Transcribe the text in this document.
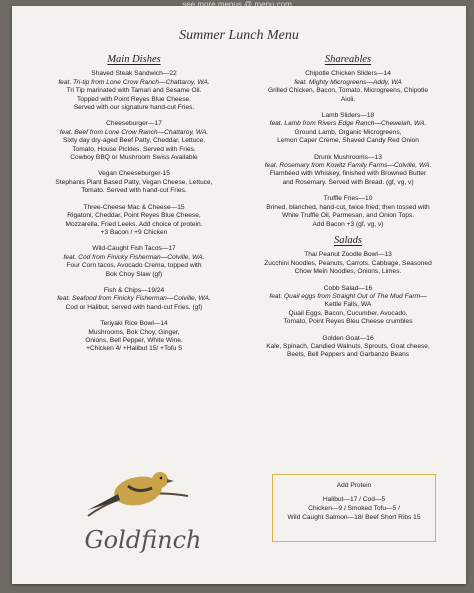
see more menus @ menu.com
Summer Lunch Menu
Main Dishes
Shaved Steak Sandwich—22
feat. Tri-tip from Lone Crow Ranch—Chattaroy, WA.
Tri Tip marinated with Tamari and Sesame Oil.
Topped with Point Reyes Blue Cheese.
Served with our signature hand-cut Fries.
Cheeseburger—17
feat. Beef from Lone Crow Ranch—Chattaroy, WA.
Sixty day dry-aged Beef Patty, Cheddar, Lettuce,
Tomato, House Pickles. Served with Fries.
Cowboy BBQ or Mushroom Swiss Available
Vegan Cheeseburger-15
Stephanis Plant Based Patty, Vegan Cheese, Lettuce,
Tomato. Served with hand-cut Fries.
Three-Cheese Mac & Cheese—15
Rigatoni, Cheddar, Point Reyes Blue Cheese,
Mozzarella, Fried Leeks. Add choice of protein.
+3 Bacon / +9 Chicken
Wild-Caught Fish Tacos—17
feat. Cod from Finicky Fisherman—Colville, WA.
Four Corn tacos, Avocado Crema, topped with
Bok Choy Slaw (gf)
Fish & Chips—19/24
feat. Seafood from Finicky Fisherman—Colville, WA.
Cod or Halibut, served with hand-cut Fries. (gf)
Teriyaki Rice Bowl—14
Mushrooms, Bok Choy, Ginger,
Onions, Bell Pepper, White Wine.
+Chicken 4/ +Halibut 15/ +Tofu 5
Shareables
Chipotle Chicken Sliders—14
feat. Mighty Microgreens—Addy, WA
Grilled Chicken, Bacon, Tomato, Microgreens, Chipotle
Aioli.
Lamb Sliders—18
feat. Lamb from Rivers Edge Ranch—Chewelah, WA.
Ground Lamb, Organic Microgreens,
Lemon Caper Creme, Shaved Candy Red Onion
Drunk Mushrooms—13
feat. Rosemary from Kowitz Family Farms—Colville, WA.
Flambéed with Whiskey, finished with Browned Butter
and Rosemary. Served with Bread. (gf, vg, v)
Truffle Fries—10
Brined, blanched, hand-cut, twice fried; then tossed with
White Truffle Oil, Parmesan, and Onion Tops.
Add Bacon +3 (gf, vg, v)
Salads
Thai Peanut Zoodle Bowl—13
Zucchini Noodles, Peanuts, Carrots, Cabbage, Seasoned
Chow Mein Noodles, Onions, Limes.
Cobb Salad—16
feat. Quail eggs from Straight Out of The Mud Farm—
Kettle Falls, WA
Quail Eggs, Bacon, Cucumber, Avocado,
Tomato, Point Reyes Bleu Cheese crumbles
Golden Goat—16
Kale, Spinach, Candied Walnuts, Sprouts, Goat cheese,
Beets, Bell Peppers and Garbanzo Beans
Goldfinch
Add Protein
Halibut—17 / Cod—5
Chicken—9 / Smoked Tofu—5 /
Wild Caught Salmon—18/ Beef Short Ribs 15
